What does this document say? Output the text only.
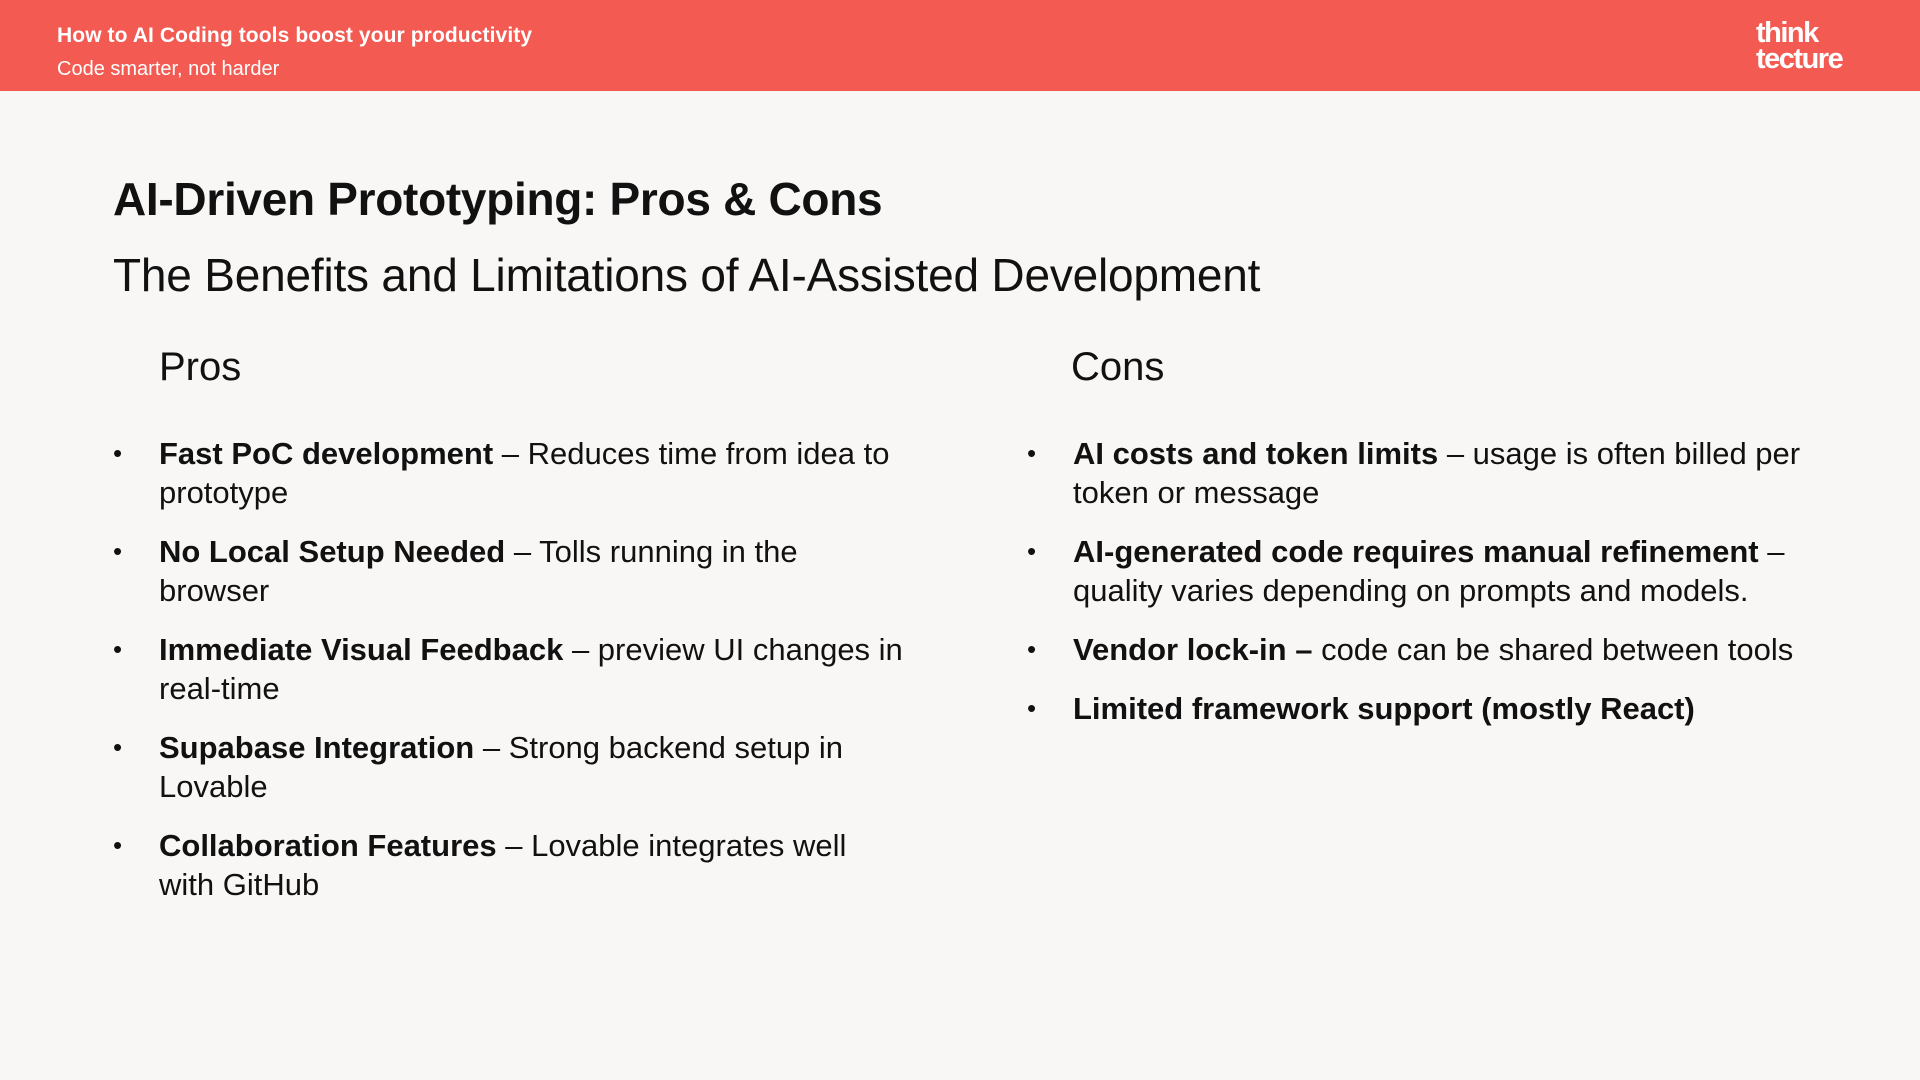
How to AI Coding tools boost your productivity
Code smarter, not harder
think
tecture
AI-Driven Prototyping: Pros & Cons
The Benefits and Limitations of AI-Assisted Development
Pros
• Fast PoC development – Reduces time from idea to prototype
• No Local Setup Needed – Tolls running in the browser
• Immediate Visual Feedback – preview UI changes in real-time
• Supabase Integration – Strong backend setup in Lovable
• Collaboration Features – Lovable integrates well with GitHub
Cons
• AI costs and token limits – usage is often billed per token or message
• AI-generated code requires manual refinement – quality varies depending on prompts and models.
• Vendor lock-in – code can be shared between tools
• Limited framework support (mostly React)
